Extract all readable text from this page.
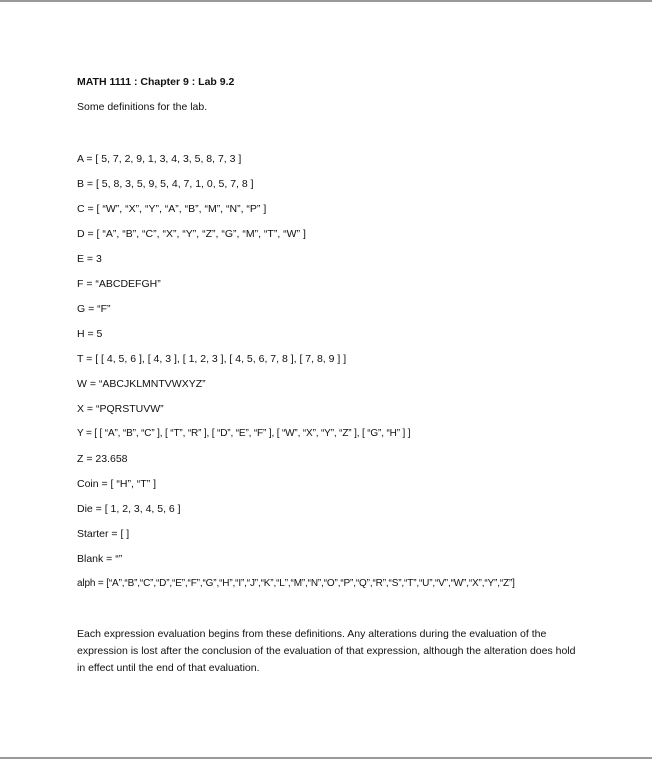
MATH 1111 : Chapter 9 : Lab 9.2
Some definitions for the lab.
A = [ 5, 7, 2, 9, 1, 3, 4, 3, 5, 8, 7, 3 ]
B = [ 5, 8, 3, 5, 9, 5, 4, 7, 1, 0, 5, 7, 8 ]
C = [ “W”, “X”, “Y”, “A”, “B”, “M”, “N”, “P” ]
D = [ “A”, “B”, “C”, “X”, “Y”, “Z”, “G”, “M”, “T”, “W” ]
E = 3
F = “ABCDEFGH”
G = “F”
H = 5
T = [ [ 4, 5, 6 ], [ 4, 3 ], [ 1, 2, 3 ], [ 4, 5, 6, 7, 8 ], [ 7, 8, 9 ] ]
W = “ABCJKLMNTVWXYZ”
X = “PQRSTUVW”
Y = [ [ “A”, “B”, “C” ], [ “T”, “R” ], [ “D”, “E”, “F” ], [ “W”, “X”, “Y”, “Z” ], [ “G”, “H” ] ]
Z = 23.658
Coin = [ “H”, “T” ]
Die = [ 1, 2, 3, 4, 5, 6 ]
Starter = [ ]
Blank = “”
alph = [“A”,“B”,“C”,“D”,“E”,“F”,“G”,“H”,“I”,“J”,“K”,“L”,“M”,“N”,“O”,“P”,“Q”,“R”,“S”,“T”,“U”,“V”,“W”,“X”,“Y”,“Z”]

Each expression evaluation begins from these definitions. Any alterations during the evaluation of the expression is lost after the conclusion of the evaluation of that expression, although the alteration does hold in effect until the end of that evaluation.
